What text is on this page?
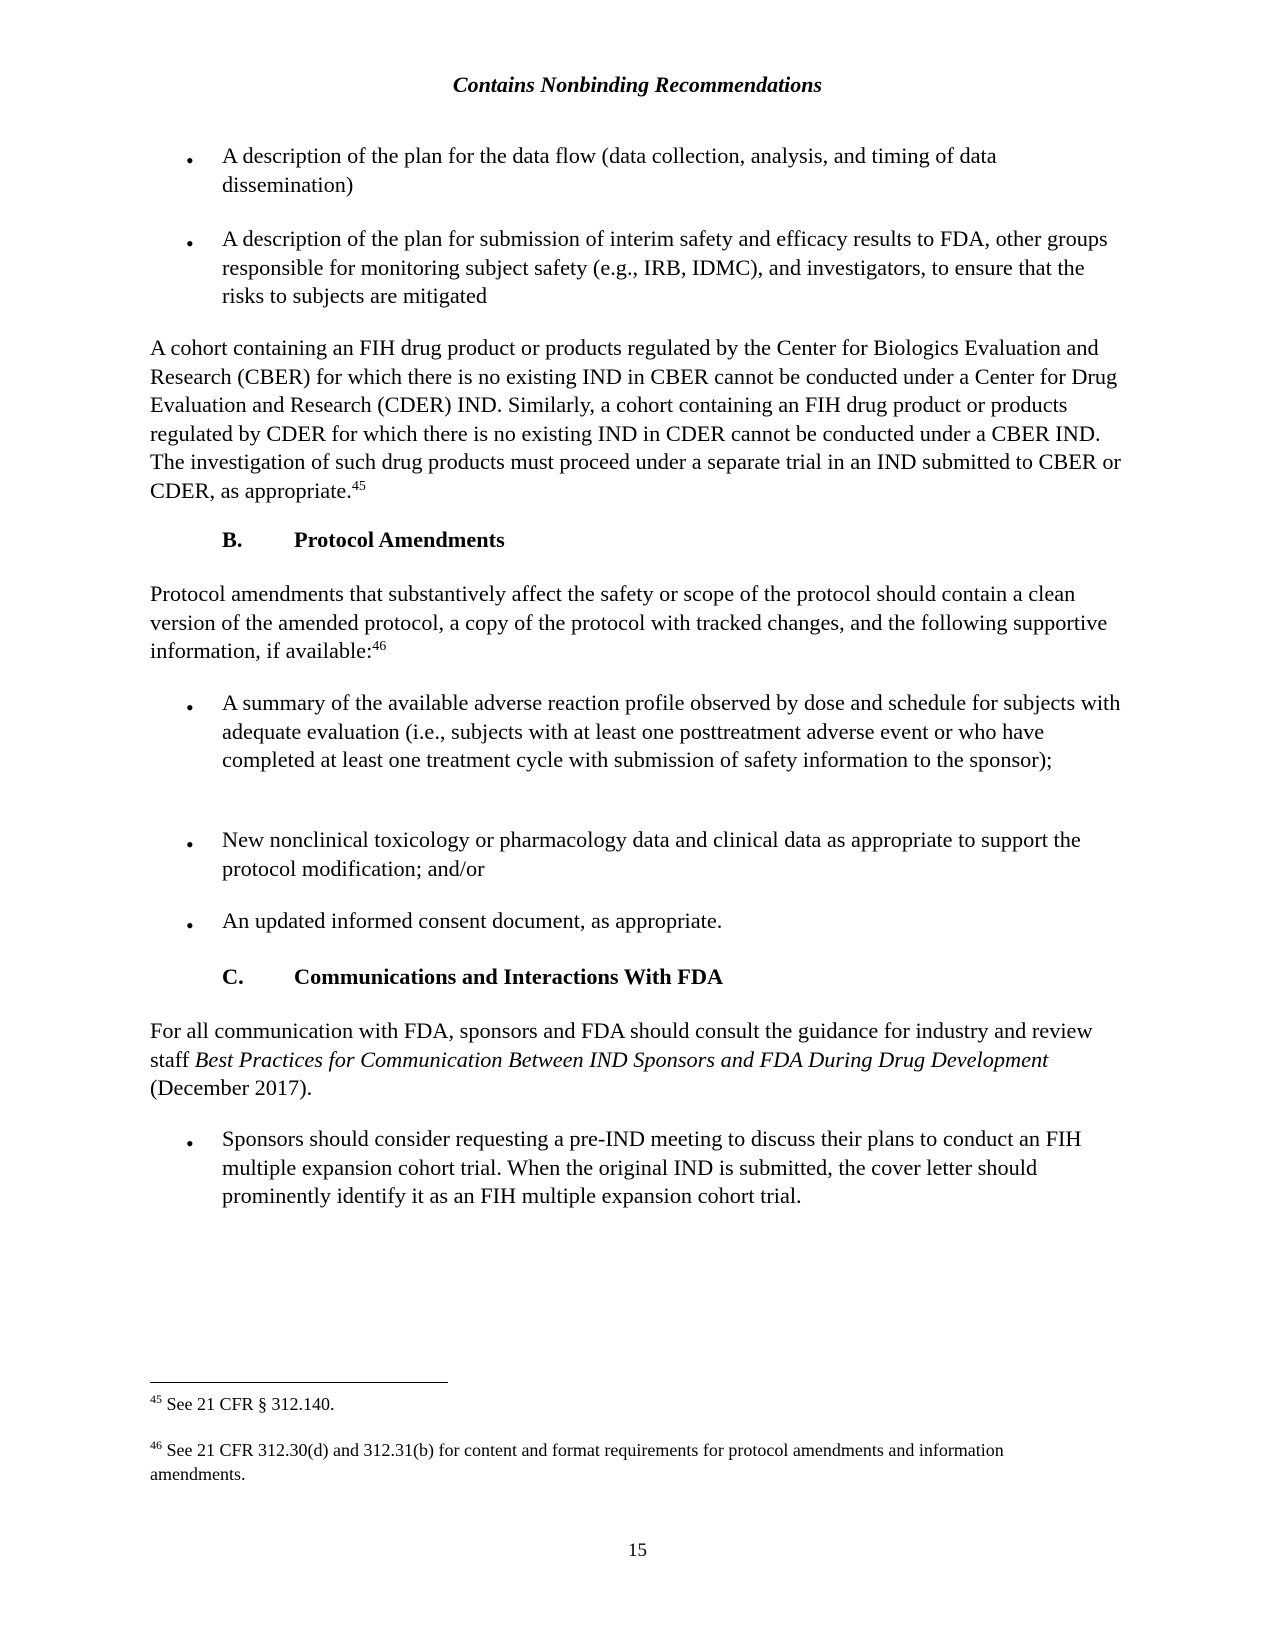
Contains Nonbinding Recommendations
• A description of the plan for the data flow (data collection, analysis, and timing of data dissemination)
• A description of the plan for submission of interim safety and efficacy results to FDA, other groups responsible for monitoring subject safety (e.g., IRB, IDMC), and investigators, to ensure that the risks to subjects are mitigated
A cohort containing an FIH drug product or products regulated by the Center for Biologics Evaluation and Research (CBER) for which there is no existing IND in CBER cannot be conducted under a Center for Drug Evaluation and Research (CDER) IND. Similarly, a cohort containing an FIH drug product or products regulated by CDER for which there is no existing IND in CDER cannot be conducted under a CBER IND. The investigation of such drug products must proceed under a separate trial in an IND submitted to CBER or CDER, as appropriate.$^{45}$
B. Protocol Amendments
Protocol amendments that substantively affect the safety or scope of the protocol should contain a clean version of the amended protocol, a copy of the protocol with tracked changes, and the following supportive information, if available:$^{46}$
• A summary of the available adverse reaction profile observed by dose and schedule for subjects with adequate evaluation (i.e., subjects with at least one posttreatment adverse event or who have completed at least one treatment cycle with submission of safety information to the sponsor);
• New nonclinical toxicology or pharmacology data and clinical data as appropriate to support the protocol modification; and/or
• An updated informed consent document, as appropriate.
C. Communications and Interactions With FDA
For all communication with FDA, sponsors and FDA should consult the guidance for industry and review staff Best Practices for Communication Between IND Sponsors and FDA During Drug Development (December 2017).
• Sponsors should consider requesting a pre-IND meeting to discuss their plans to conduct an FIH multiple expansion cohort trial. When the original IND is submitted, the cover letter should prominently identify it as an FIH multiple expansion cohort trial.
$^{45}$ See 21 CFR § 312.140.
$^{46}$ See 21 CFR 312.30(d) and 312.31(b) for content and format requirements for protocol amendments and information amendments.
15
